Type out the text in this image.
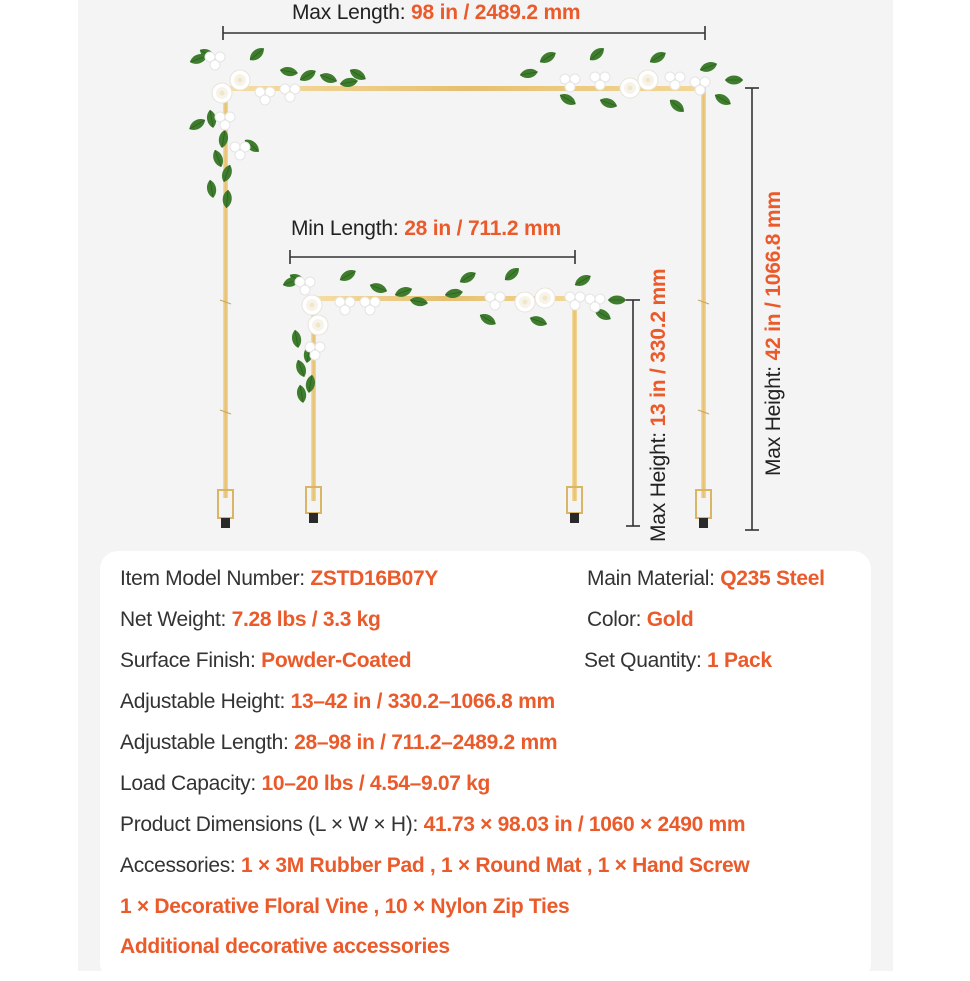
Max Length: 98 in / 2489.2 mm
Min Length: 28 in / 711.2 mm
Max Height: 13 in / 330.2 mm	Max Height: 42 in / 1066.8 mm
Item Model Number: ZSTD16B07Y	Main Material: Q235 Steel
Net Weight: 7.28 lbs / 3.3 kg	Color: Gold
Surface Finish: Powder-Coated	Set Quantity: 1 Pack
Adjustable Height: 13–42 in / 330.2–1066.8 mm
Adjustable Length: 28–98 in / 711.2–2489.2 mm
Load Capacity: 10–20 lbs / 4.54–9.07 kg
Product Dimensions (L × W × H): 41.73 × 98.03 in / 1060 × 2490 mm
Accessories: 1 × 3M Rubber Pad , 1 × Round Mat , 1 × Hand Screw
1 × Decorative Floral Vine , 10 × Nylon Zip Ties
Additional decorative accessories
